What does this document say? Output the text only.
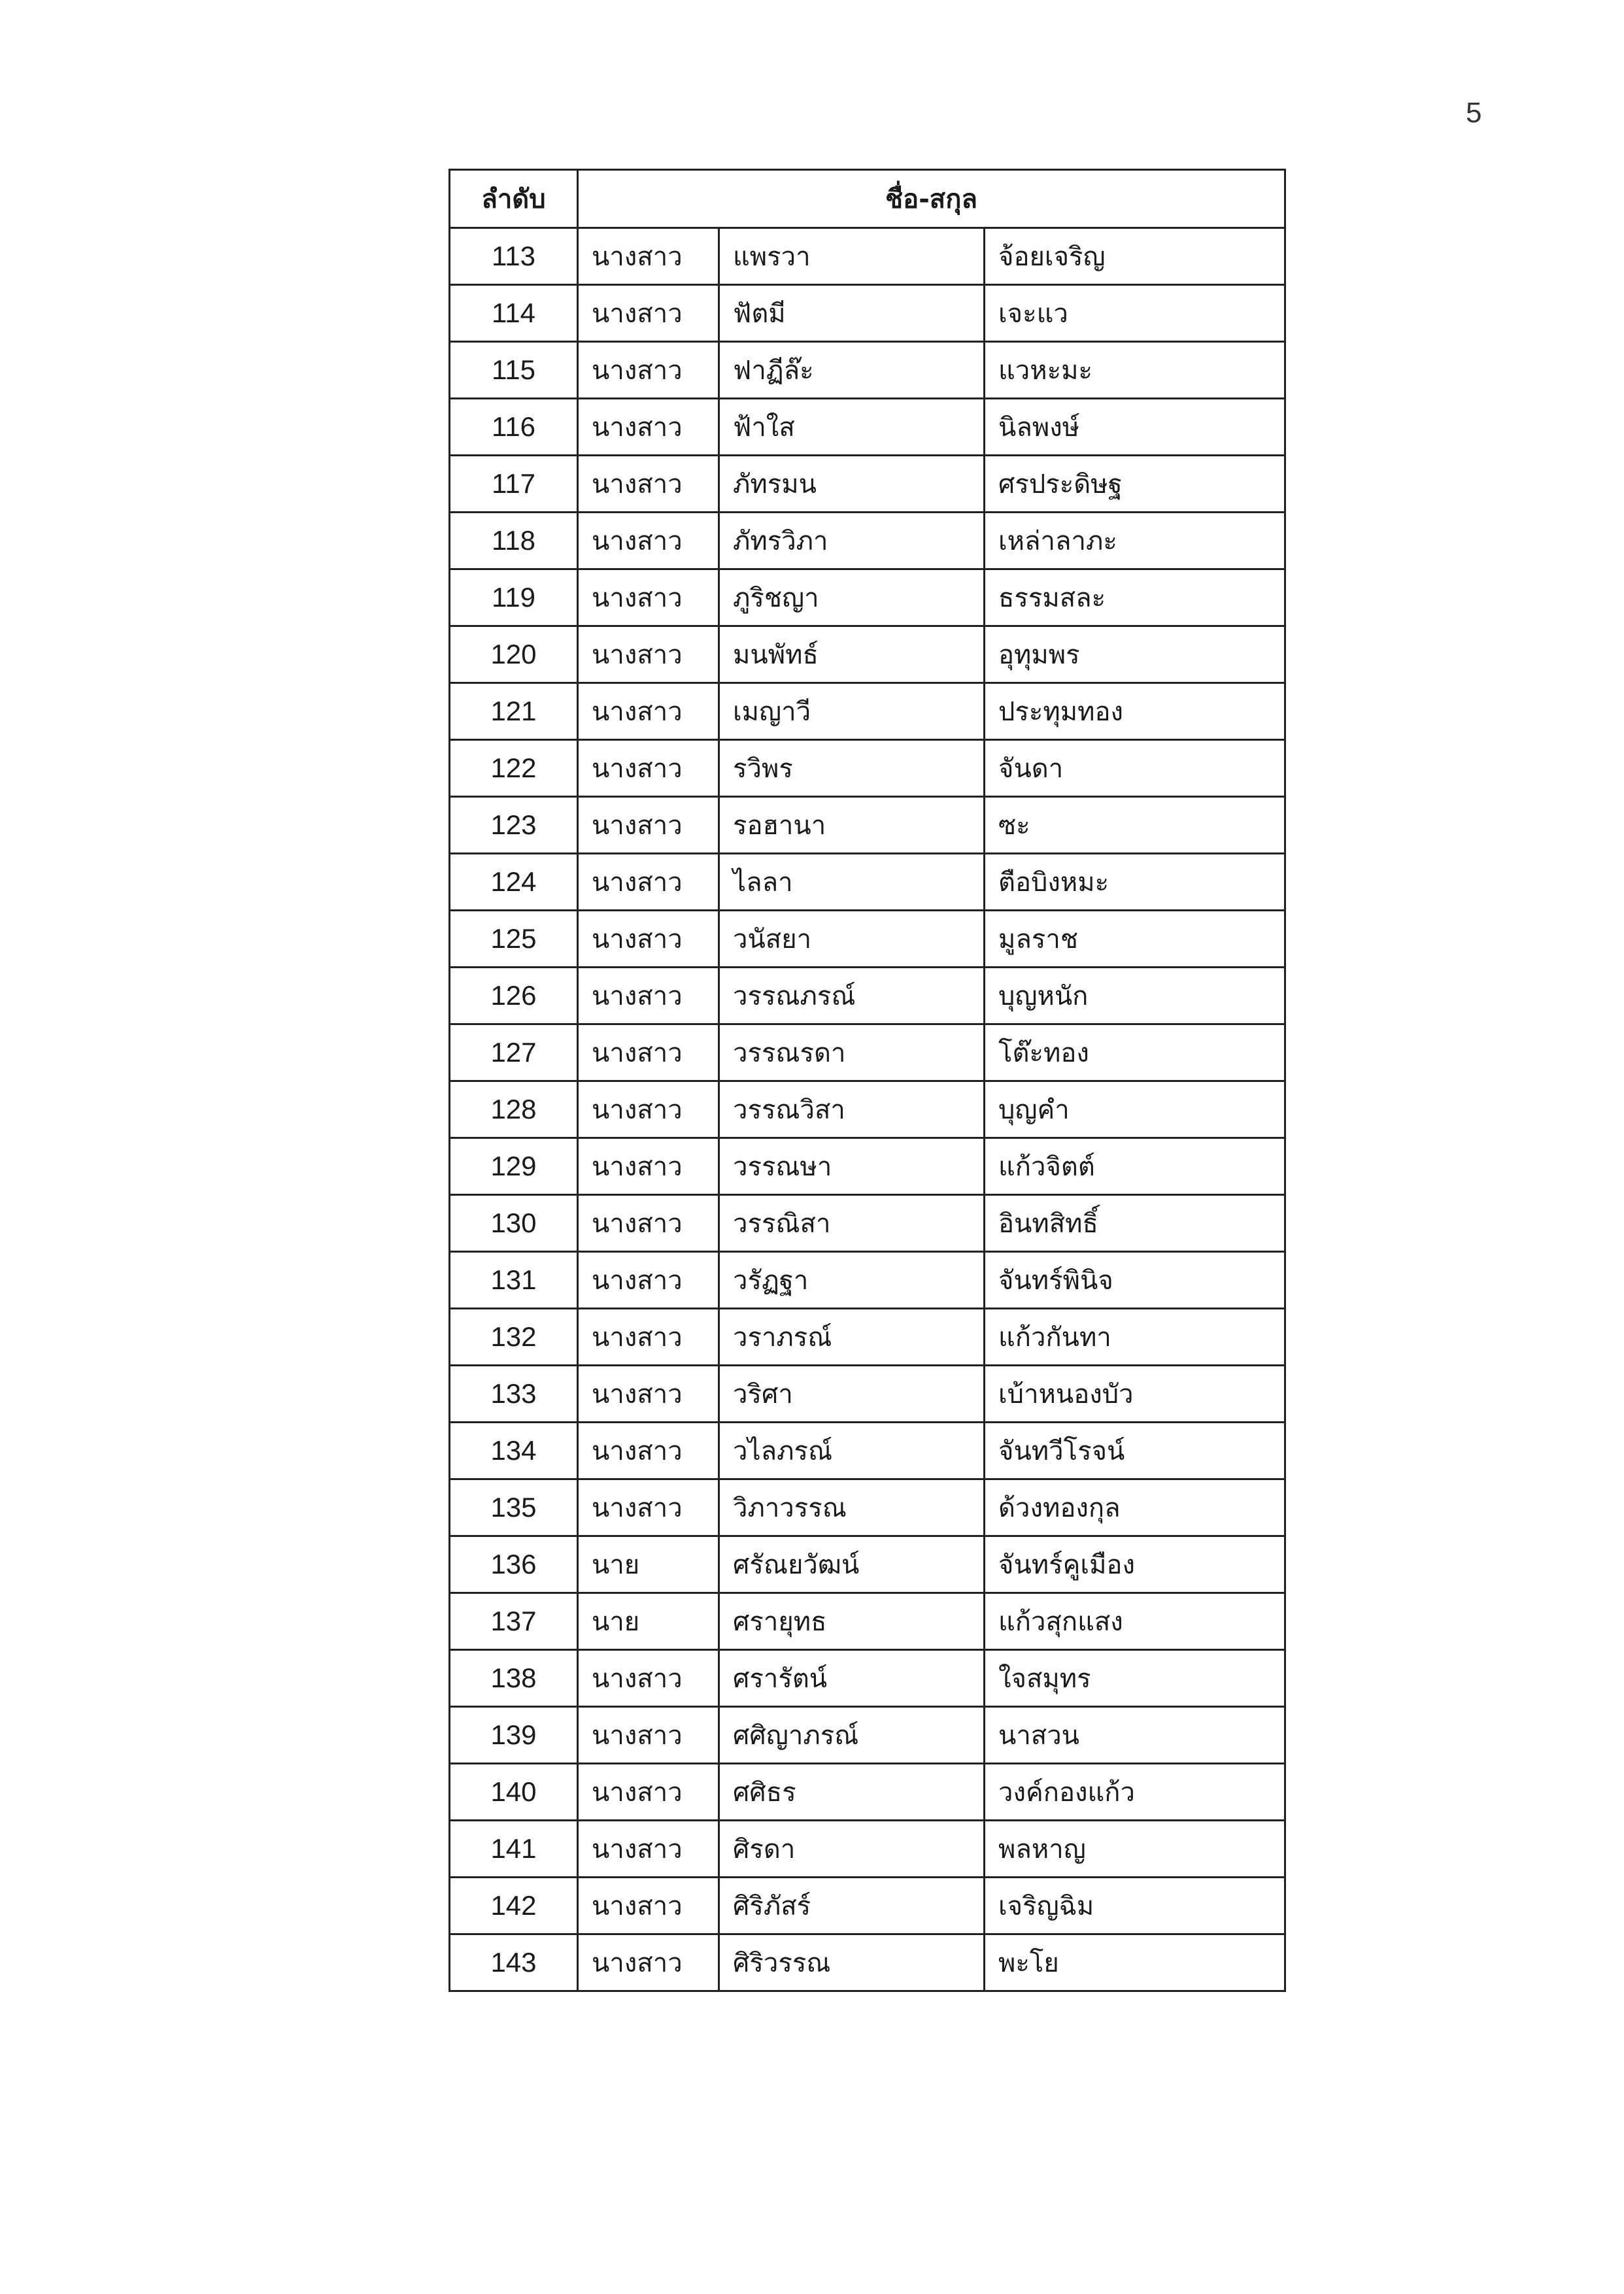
5
ลำดับ	ชื่อ-สกุล		
113	นางสาว	แพรวา	จ้อยเจริญ
114	นางสาว	ฟัตมี	เจะแว
115	นางสาว	ฟาฏีล๊ะ	แวหะมะ
116	นางสาว	ฟ้าใส	นิลพงษ์
117	นางสาว	ภัทรมน	ศรประดิษฐ
118	นางสาว	ภัทรวิภา	เหล่าลาภะ
119	นางสาว	ภูริชญา	ธรรมสละ
120	นางสาว	มนพัทธ์	อุทุมพร
121	นางสาว	เมญาวี	ประทุมทอง
122	นางสาว	รวิพร	จันดา
123	นางสาว	รอฮานา	ซะ
124	นางสาว	ไลลา	ตือบิงหมะ
125	นางสาว	วนัสยา	มูลราช
126	นางสาว	วรรณภรณ์	บุญหนัก
127	นางสาว	วรรณรดา	โต๊ะทอง
128	นางสาว	วรรณวิสา	บุญคำ
129	นางสาว	วรรณษา	แก้วจิตต์
130	นางสาว	วรรณิสา	อินทสิทธิ์
131	นางสาว	วรัฏฐา	จันทร์พินิจ
132	นางสาว	วราภรณ์	แก้วกันทา
133	นางสาว	วริศา	เบ้าหนองบัว
134	นางสาว	วไลภรณ์	จันทวีโรจน์
135	นางสาว	วิภาวรรณ	ด้วงทองกุล
136	นาย	ศรัณยวัฒน์	จันทร์คูเมือง
137	นาย	ศรายุทธ	แก้วสุกแสง
138	นางสาว	ศรารัตน์	ใจสมุทร
139	นางสาว	ศศิญาภรณ์	นาสวน
140	นางสาว	ศศิธร	วงค์กองแก้ว
141	นางสาว	ศิรดา	พลหาญ
142	นางสาว	ศิริภัสร์	เจริญฉิม
143	นางสาว	ศิริวรรณ	พะโย
